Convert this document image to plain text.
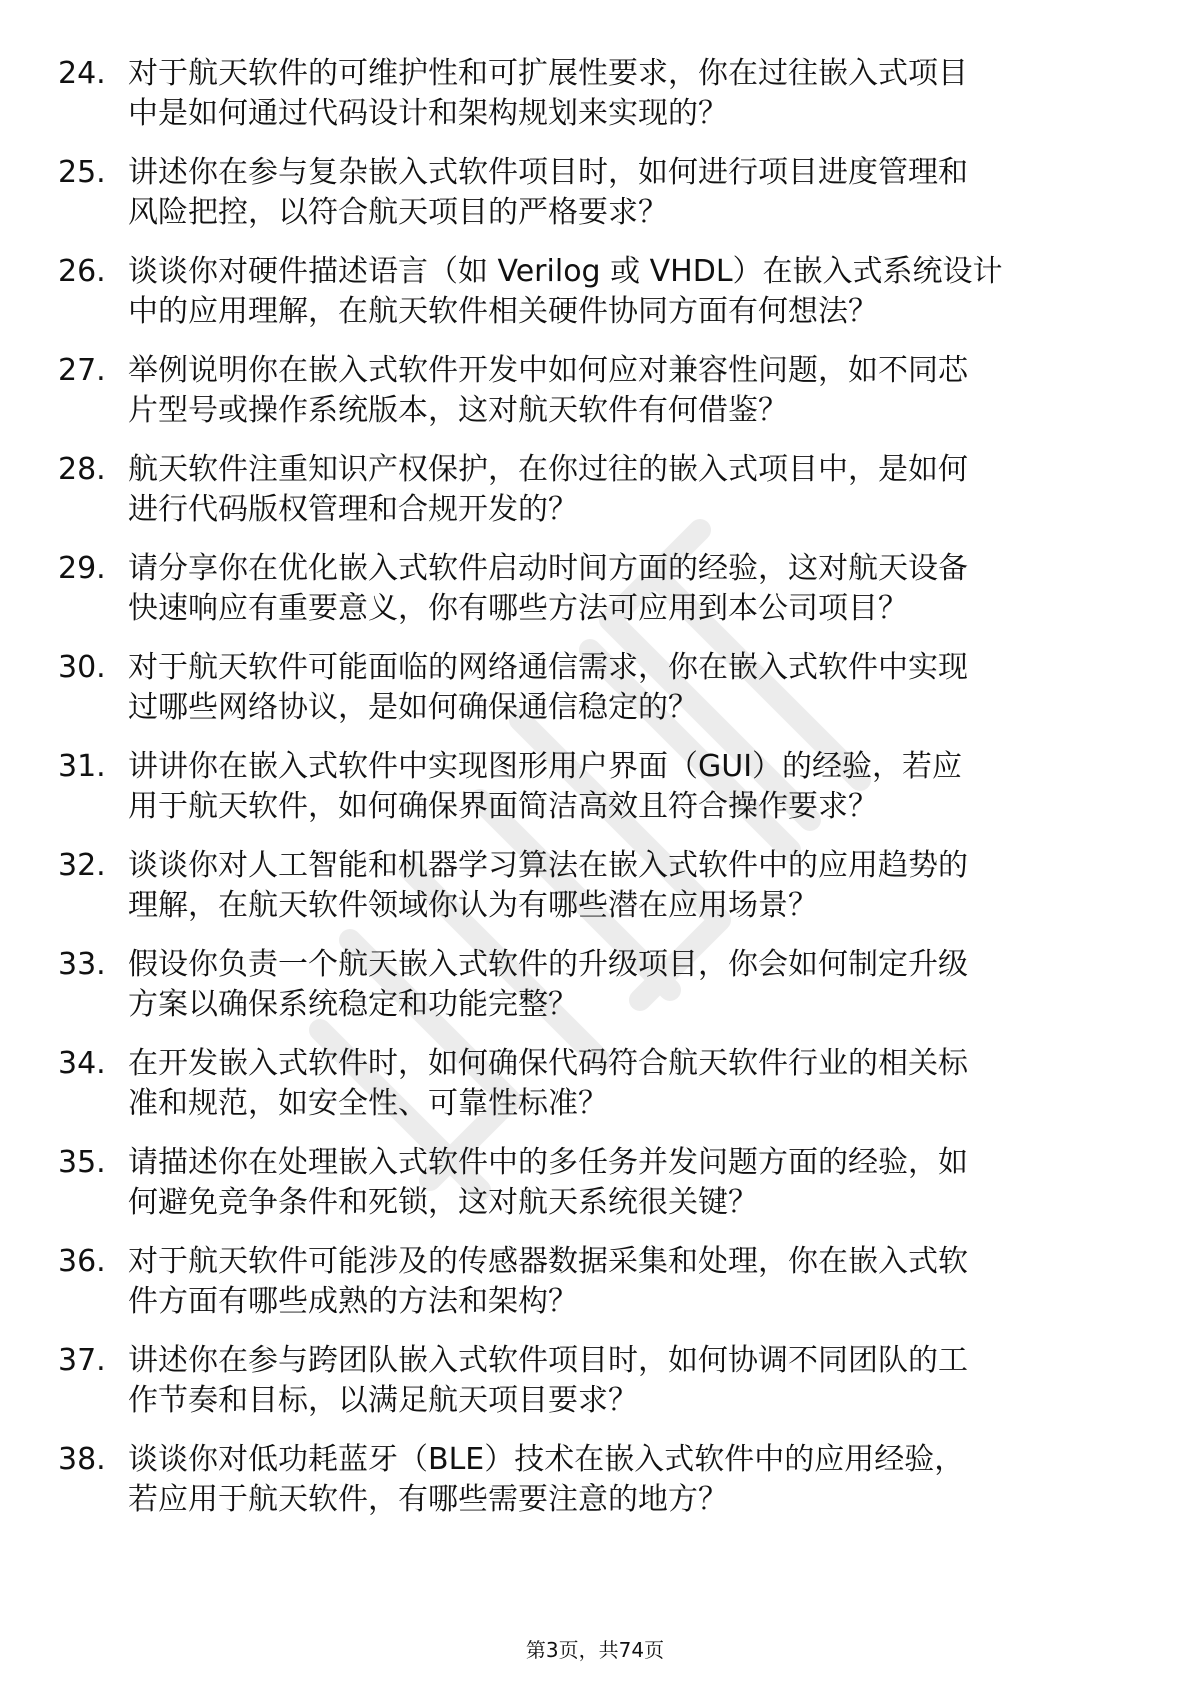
24. 对于航天软件的可维护性和可扩展性要求，你在过往嵌入式项目
中是如何通过代码设计和架构规划来实现的？
25. 讲述你在参与复杂嵌入式软件项目时，如何进行项目进度管理和
风险把控，以符合航天项目的严格要求？
26. 谈谈你对硬件描述语言（如 Verilog 或 VHDL）在嵌入式系统设计
中的应用理解，在航天软件相关硬件协同方面有何想法？
27. 举例说明你在嵌入式软件开发中如何应对兼容性问题，如不同芯
片型号或操作系统版本，这对航天软件有何借鉴？
28. 航天软件注重知识产权保护，在你过往的嵌入式项目中，是如何
进行代码版权管理和合规开发的？
29. 请分享你在优化嵌入式软件启动时间方面的经验，这对航天设备
快速响应有重要意义，你有哪些方法可应用到本公司项目？
30. 对于航天软件可能面临的网络通信需求，你在嵌入式软件中实现
过哪些网络协议，是如何确保通信稳定的？
31. 讲讲你在嵌入式软件中实现图形用户界面（GUI）的经验，若应
用于航天软件，如何确保界面简洁高效且符合操作要求？
32. 谈谈你对人工智能和机器学习算法在嵌入式软件中的应用趋势的
理解，在航天软件领域你认为有哪些潜在应用场景？
33. 假设你负责一个航天嵌入式软件的升级项目，你会如何制定升级
方案以确保系统稳定和功能完整？
34. 在开发嵌入式软件时，如何确保代码符合航天软件行业的相关标
准和规范，如安全性、可靠性标准？
35. 请描述你在处理嵌入式软件中的多任务并发问题方面的经验，如
何避免竞争条件和死锁，这对航天系统很关键？
36. 对于航天软件可能涉及的传感器数据采集和处理，你在嵌入式软
件方面有哪些成熟的方法和架构？
37. 讲述你在参与跨团队嵌入式软件项目时，如何协调不同团队的工
作节奏和目标，以满足航天项目要求？
38. 谈谈你对低功耗蓝牙（BLE）技术在嵌入式软件中的应用经验，
若应用于航天软件，有哪些需要注意的地方？
第3页，共74页
